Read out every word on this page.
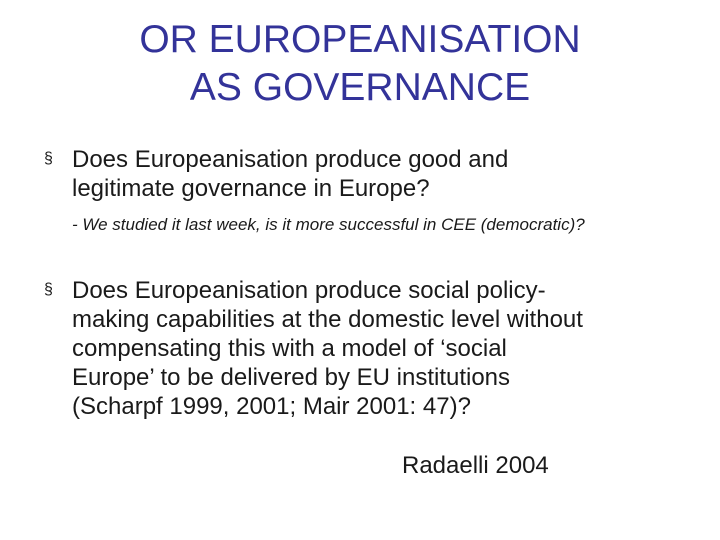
OR EUROPEANISATION
AS GOVERNANCE
§ Does Europeanisation produce good and
legitimate governance in Europe?

- We studied it last week, is it more successful in CEE (democratic)?

§ Does Europeanisation produce social policy-
making capabilities at the domestic level without
compensating this with a model of ‘social
Europe’ to be delivered by EU institutions
(Scharpf 1999, 2001; Mair 2001: 47)?

Radaelli 2004
